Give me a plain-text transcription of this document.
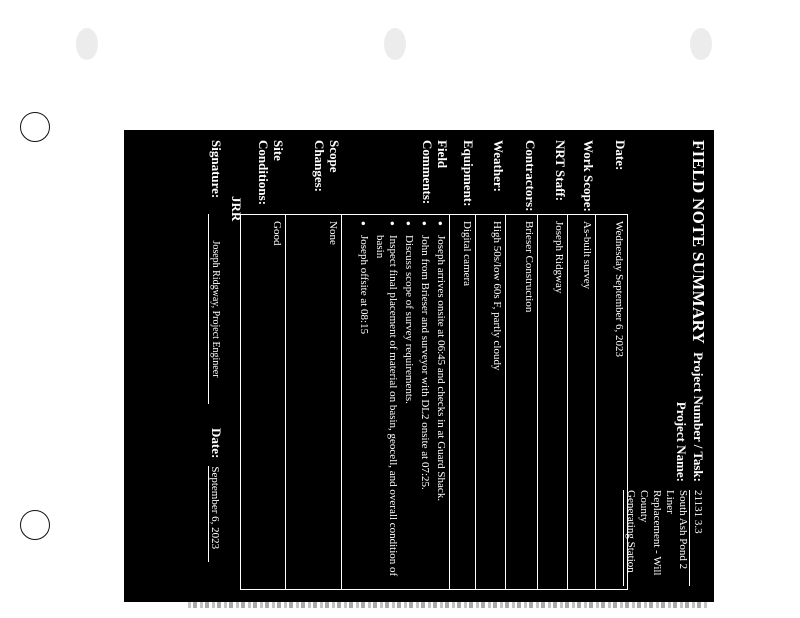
FIELD NOTE SUMMARY
Project Number / Task:
21131 3.3
Project Name:
South Ash Pond 2 Liner
Replacement - Will County
Generating Station
Date:
Wednesday September 6, 2023
Work Scope:
As-built survey
NRT Staff:
Joseph Ridgway
Contractors:
Brieser Construction
Weather:
High 50s/low 60s F, partly cloudy
Equipment:
Digital camera
Field
Comments:
● Joseph arrives onsite at 06:45 and checks in at Guard Shack.
● John from Brieser and surveyor with DL2 onsite at 07:25.
● Discuss scope of survey requirements.
● Inspect final placement of material on basin, geocell, and overall condition of basin
● Joseph offsite at 08:15
Scope
Changes:
None
Site
Conditions:
Good
JRR
Signature:
Joseph Ridgway, Project Engineer
Date:
September 6, 2023
